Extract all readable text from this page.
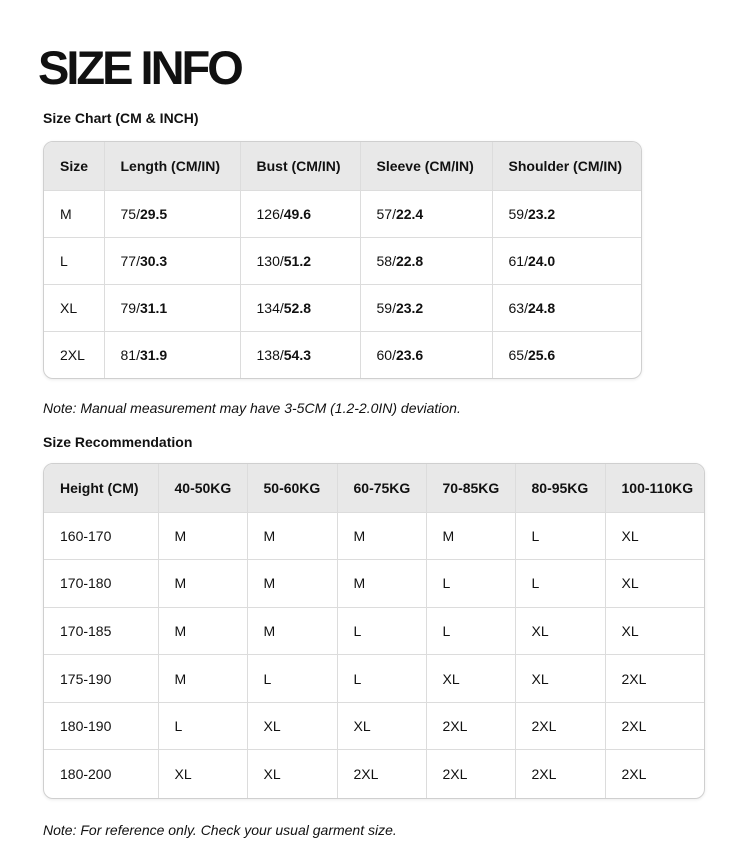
SIZE INFO

Size Chart (CM & INCH)

Size	Length (CM/IN)	Bust (CM/IN)	Sleeve (CM/IN)	Shoulder (CM/IN)
M	75/29.5	126/49.6	57/22.4	59/23.2
L	77/30.3	130/51.2	58/22.8	61/24.0
XL	79/31.1	134/52.8	59/23.2	63/24.8
2XL	81/31.9	138/54.3	60/23.6	65/25.6

Note: Manual measurement may have 3-5CM (1.2-2.0IN) deviation.

Size Recommendation

Height (CM)	40-50KG	50-60KG	60-75KG	70-85KG	80-95KG	100-110KG
160-170	M	M	M	M	L	XL
170-180	M	M	M	L	L	XL
170-185	M	M	L	L	XL	XL
175-190	M	L	L	XL	XL	2XL
180-190	L	XL	XL	2XL	2XL	2XL
180-200	XL	XL	2XL	2XL	2XL	2XL

Note: For reference only. Check your usual garment size.
